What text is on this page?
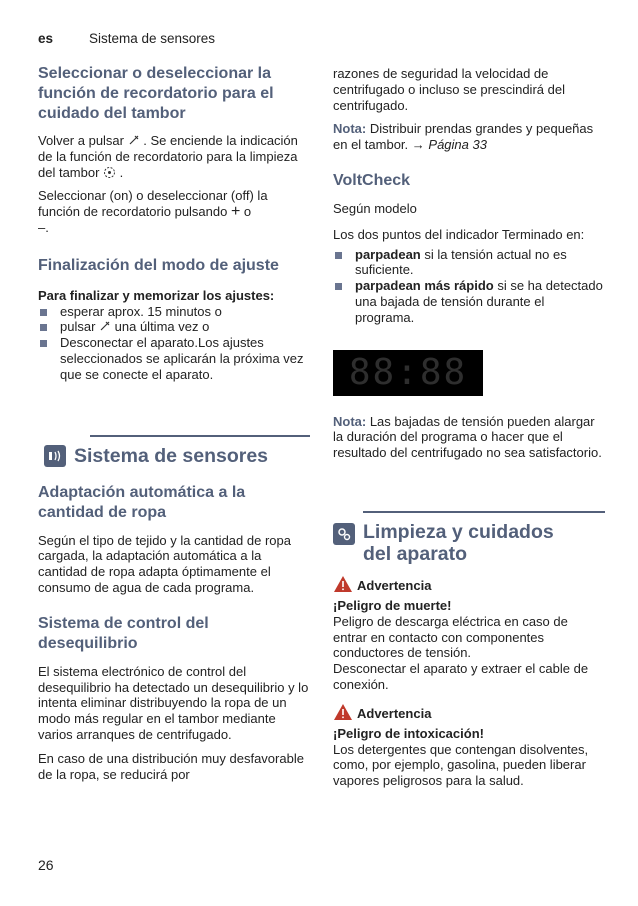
es	Sistema de sensores
Seleccionar o deseleccionar la función de recordatorio para el cuidado del tambor
Volver a pulsar  . Se enciende la indicación de la función de recordatorio para la limpieza del tambor  .
Seleccionar (on) o deseleccionar (off) la función de recordatorio pulsando + o
–.
Finalización del modo de ajuste
Para finalizar y memorizar los ajustes:
esperar aprox. 15 minutos o
pulsar  una última vez o
Desconectar el aparato.Los ajustes seleccionados se aplicarán la próxima vez que se conecte el aparato.
Sistema de sensores
Adaptación automática a la cantidad de ropa
Según el tipo de tejido y la cantidad de ropa cargada, la adaptación automática a la cantidad de ropa adapta óptimamente el consumo de agua de cada programa.
Sistema de control del desequilibrio
El sistema electrónico de control del desequilibrio ha detectado un desequilibrio y lo intenta eliminar distribuyendo la ropa de un modo más regular en el tambor mediante varios arranques de centrifugado.
En caso de una distribución muy desfavorable de la ropa, se reducirá por
razones de seguridad la velocidad de centrifugado o incluso se prescindirá del centrifugado.
Nota: Distribuir prendas grandes y pequeñas en el tambor. → Página 33
VoltCheck
Según modelo
Los dos puntos del indicador Terminado en:
parpadean si la tensión actual no es suficiente.
parpadean más rápido si se ha detectado una bajada de tensión durante el programa.
88:88
Nota: Las bajadas de tensión pueden alargar la duración del programa o hacer que el resultado del centrifugado no sea satisfactorio.
Limpieza y cuidados
del aparato
Advertencia
¡Peligro de muerte!
Peligro de descarga eléctrica en caso de entrar en contacto con componentes conductores de tensión.
Desconectar el aparato y extraer el cable de conexión.
Advertencia
¡Peligro de intoxicación!
Los detergentes que contengan disolventes, como, por ejemplo, gasolina, pueden liberar vapores peligrosos para la salud.
26
